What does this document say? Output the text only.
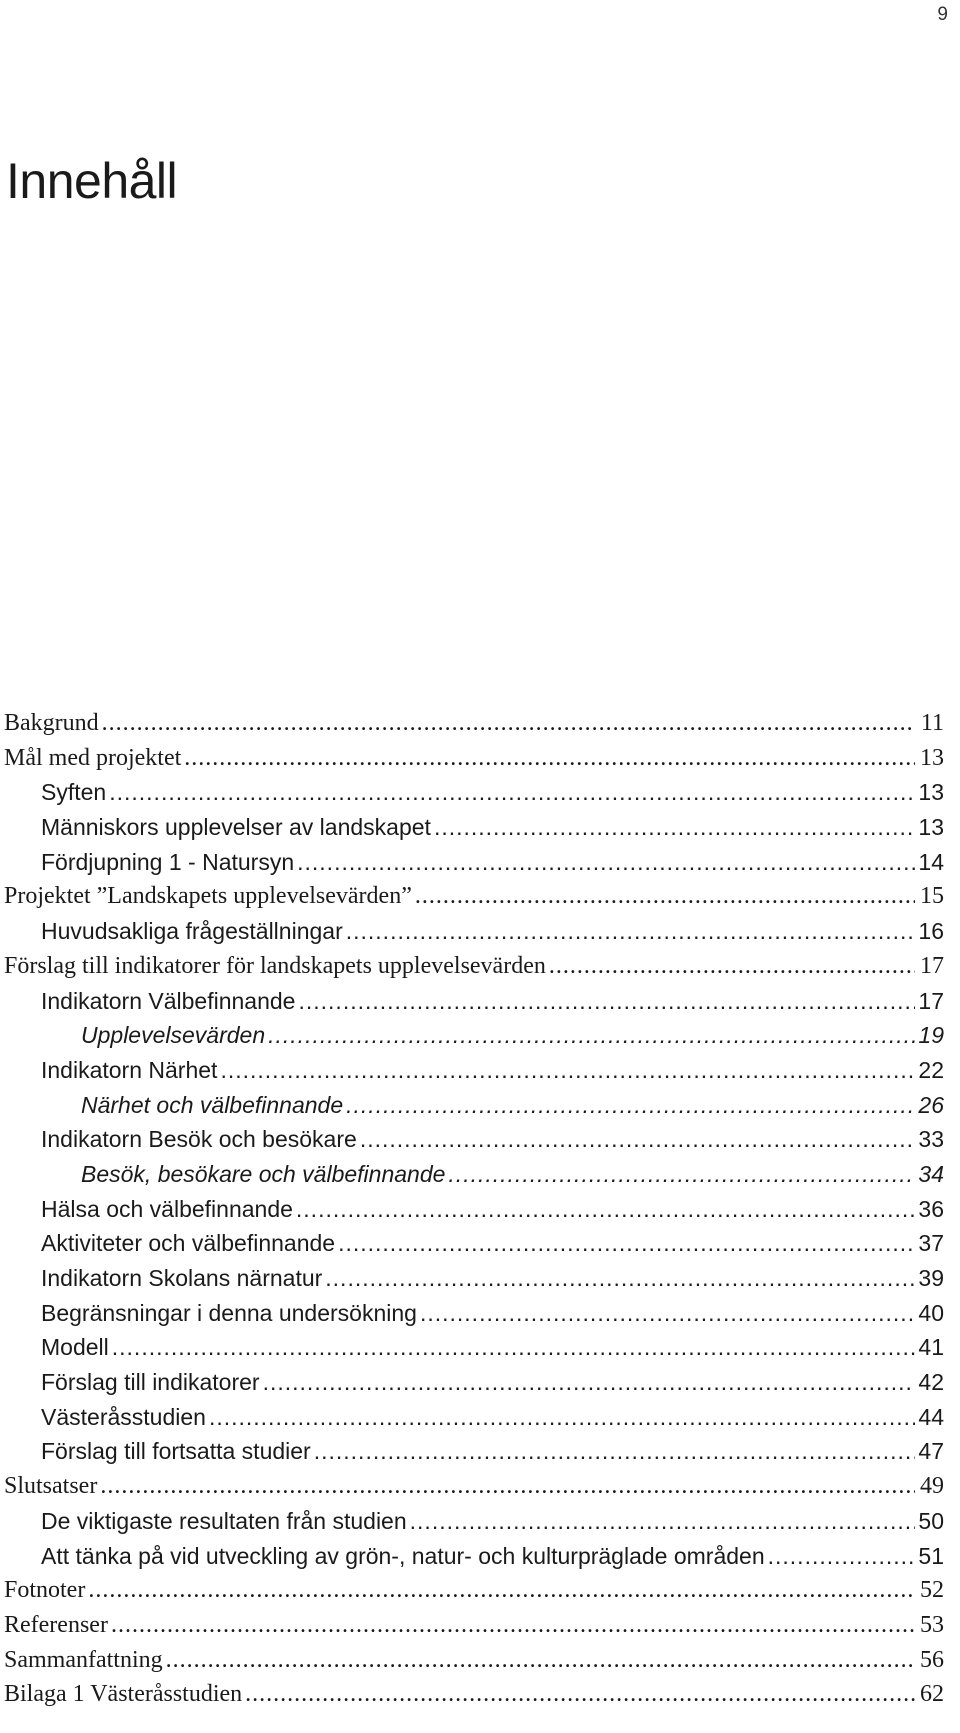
9
Innehåll
Bakgrund .....	11
Mål med projektet .....	13
Syften .....	13
Människors upplevelser av landskapet .....	13
Fördjupning 1 - Natursyn .....	14
Projektet ”Landskapets upplevelsevärden” .....	15
Huvudsakliga frågeställningar .....	16
Förslag till indikatorer för landskapets upplevelsevärden .....	17
Indikatorn Välbefinnande .....	17
Upplevelsevärden .....	19
Indikatorn Närhet .....	22
Närhet och välbefinnande .....	26
Indikatorn Besök och besökare .....	33
Besök, besökare och välbefinnande .....	34
Hälsa och välbefinnande .....	36
Aktiviteter och välbefinnande .....	37
Indikatorn Skolans närnatur .....	39
Begränsningar i denna undersökning .....	40
Modell .....	41
Förslag till indikatorer .....	42
Västeråsstudien .....	44
Förslag till fortsatta studier .....	47
Slutsatser .....	49
De viktigaste resultaten från studien .....	50
Att tänka på vid utveckling av grön-, natur- och kulturpräglade områden .....	51
Fotnoter .....	52
Referenser .....	53
Sammanfattning .....	56
Bilaga 1 Västeråsstudien .....	62
